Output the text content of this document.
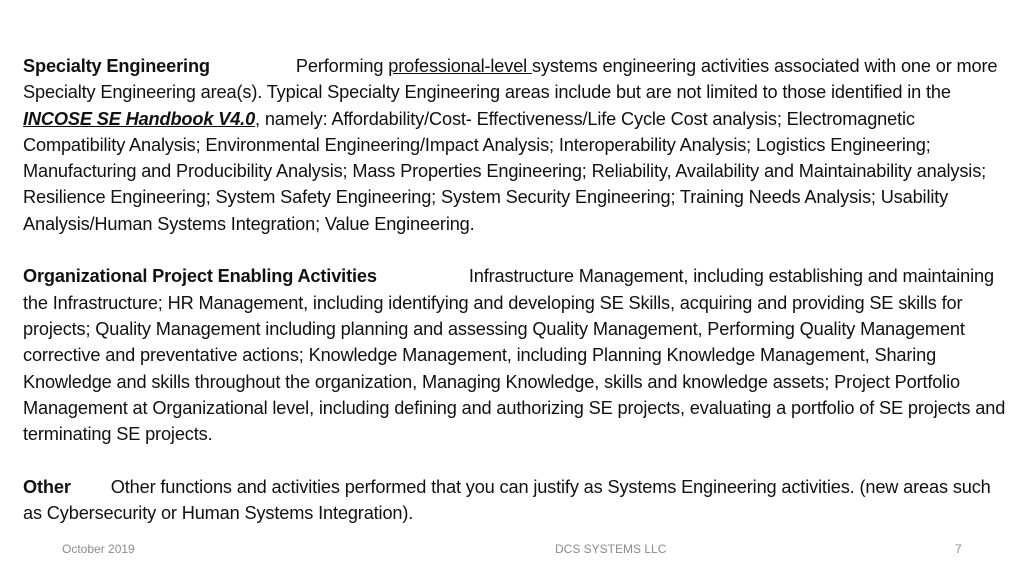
Specialty Engineering	Performing professional-level systems engineering activities associated with one or more Specialty Engineering area(s). Typical Specialty Engineering areas include but are not limited to those identified in the INCOSE SE Handbook V4.0, namely: Affordability/Cost- Effectiveness/Life Cycle Cost analysis; Electromagnetic Compatibility Analysis; Environmental Engineering/Impact Analysis; Interoperability Analysis; Logistics Engineering; Manufacturing and Producibility Analysis; Mass Properties Engineering; Reliability, Availability and Maintainability analysis; Resilience Engineering; System Safety Engineering; System Security Engineering; Training Needs Analysis; Usability Analysis/Human Systems Integration; Value Engineering.
Organizational Project Enabling Activities	Infrastructure Management, including establishing and maintaining the Infrastructure; HR Management, including identifying and developing SE Skills, acquiring and providing SE skills for projects; Quality Management including planning and assessing Quality Management, Performing Quality Management corrective and preventative actions; Knowledge Management, including Planning Knowledge Management, Sharing Knowledge and skills throughout the organization, Managing Knowledge, skills and knowledge assets; Project Portfolio Management at Organizational level, including defining and authorizing SE projects, evaluating a portfolio of SE projects and terminating SE projects.
Other Other functions and activities performed that you can justify as Systems Engineering activities. (new areas such as Cybersecurity or Human Systems Integration).
October 2019	DCS SYSTEMS LLC	7
